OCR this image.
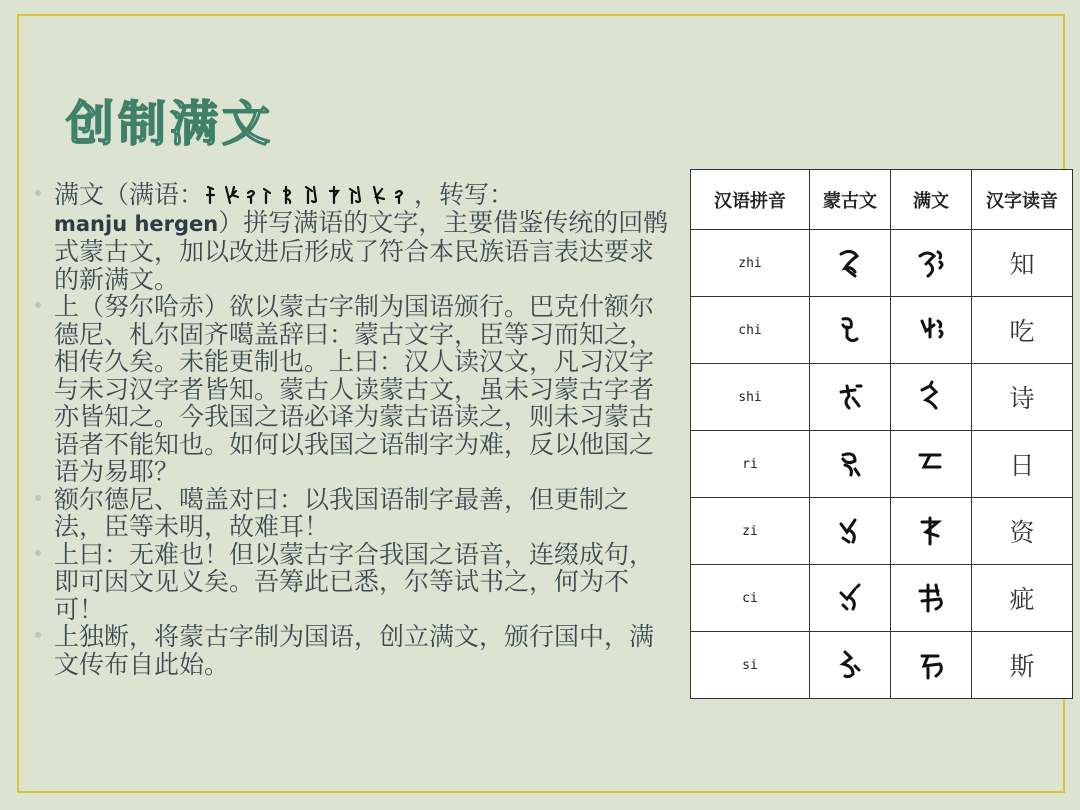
创制满文
满文（满语：	，转写：
manju hergen）拼写满语的文字，主要借鉴传统的回鹘式蒙古文，加以改进后形成了符合本民族语言表达要求的新满文。
上（努尔哈赤）欲以蒙古字制为国语颁行。巴克什额尔德尼、札尔固齐噶盖辞曰：蒙古文字，臣等习而知之，相传久矣。未能更制也。上曰：汉人读汉文，凡习汉字与未习汉字者皆知。蒙古人读蒙古文，虽未习蒙古字者亦皆知之。今我国之语必译为蒙古语读之，则未习蒙古语者不能知也。如何以我国之语制字为难，反以他国之语为易耶？
额尔德尼、噶盖对曰：以我国语制字最善，但更制之法，臣等未明，故难耳！
上曰：无难也！但以蒙古字合我国之语音，连缀成句，即可因文见义矣。吾筹此已悉，尔等试书之，何为不可！
上独断，将蒙古字制为国语，创立满文，颁行国中，满文传布自此始。
汉语拼音	蒙古文	满文	汉字读音
zhi			知
chi			吃
shi			诗
ri			日
zi			资
ci			疵
si			斯
